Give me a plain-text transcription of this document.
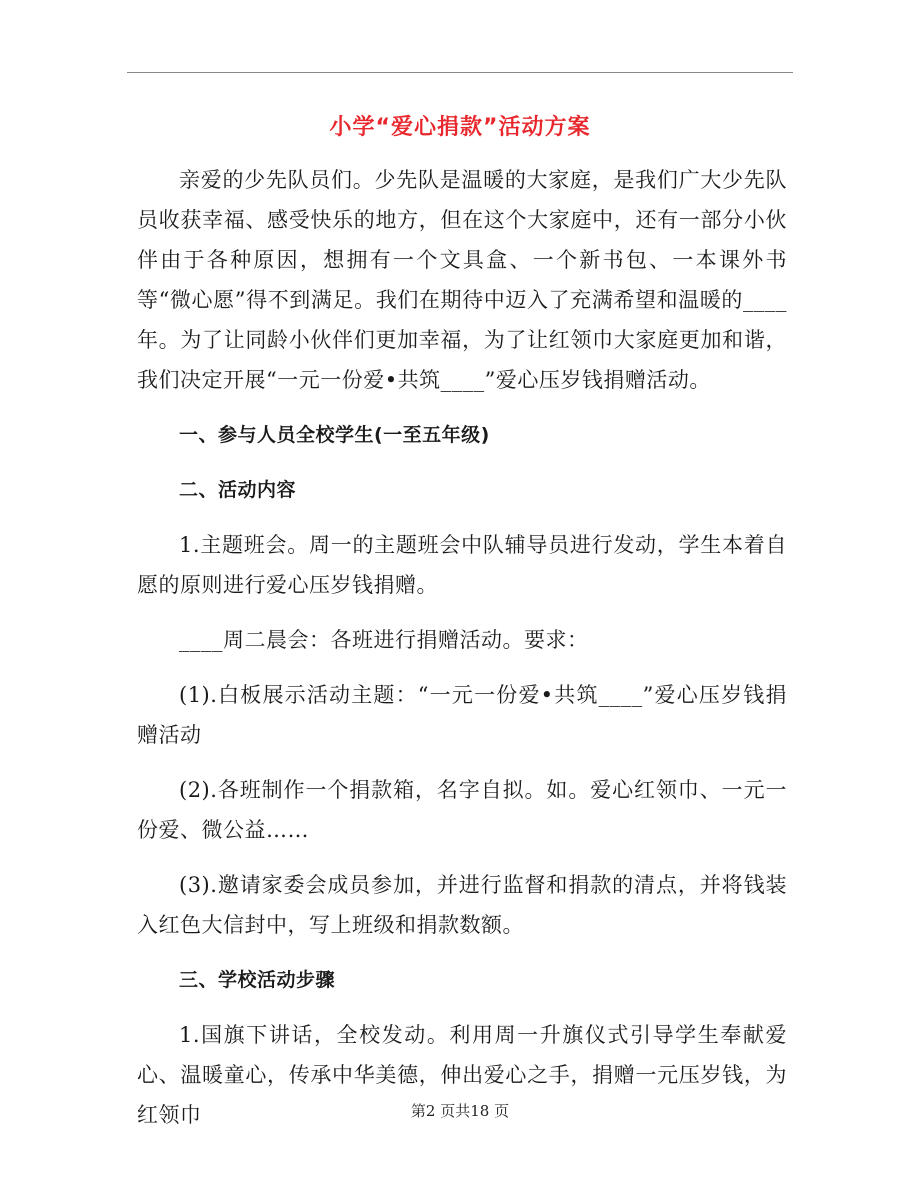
小学“爱心捐款”活动方案

亲爱的少先队员们。少先队是温暖的大家庭，是我们广大少先队员收获幸福、感受快乐的地方，但在这个大家庭中，还有一部分小伙伴由于各种原因，想拥有一个文具盒、一个新书包、一本课外书等“微心愿”得不到满足。我们在期待中迈入了充满希望和温暖的____年。为了让同龄小伙伴们更加幸福，为了让红领巾大家庭更加和谐，我们决定开展“一元一份爱•共筑____”爱心压岁钱捐赠活动。

一、参与人员全校学生(一至五年级)

二、活动内容

1.主题班会。周一的主题班会中队辅导员进行发动，学生本着自愿的原则进行爱心压岁钱捐赠。

____周二晨会：各班进行捐赠活动。要求：

(1).白板展示活动主题：“一元一份爱•共筑____”爱心压岁钱捐赠活动

(2).各班制作一个捐款箱，名字自拟。如。爱心红领巾、一元一份爱、微公益……

(3).邀请家委会成员参加，并进行监督和捐款的清点，并将钱装入红色大信封中，写上班级和捐款数额。

三、学校活动步骤

1.国旗下讲话，全校发动。利用周一升旗仪式引导学生奉献爱心、温暖童心，传承中华美德，伸出爱心之手，捐赠一元压岁钱，为红领巾	第2 页共18 页
